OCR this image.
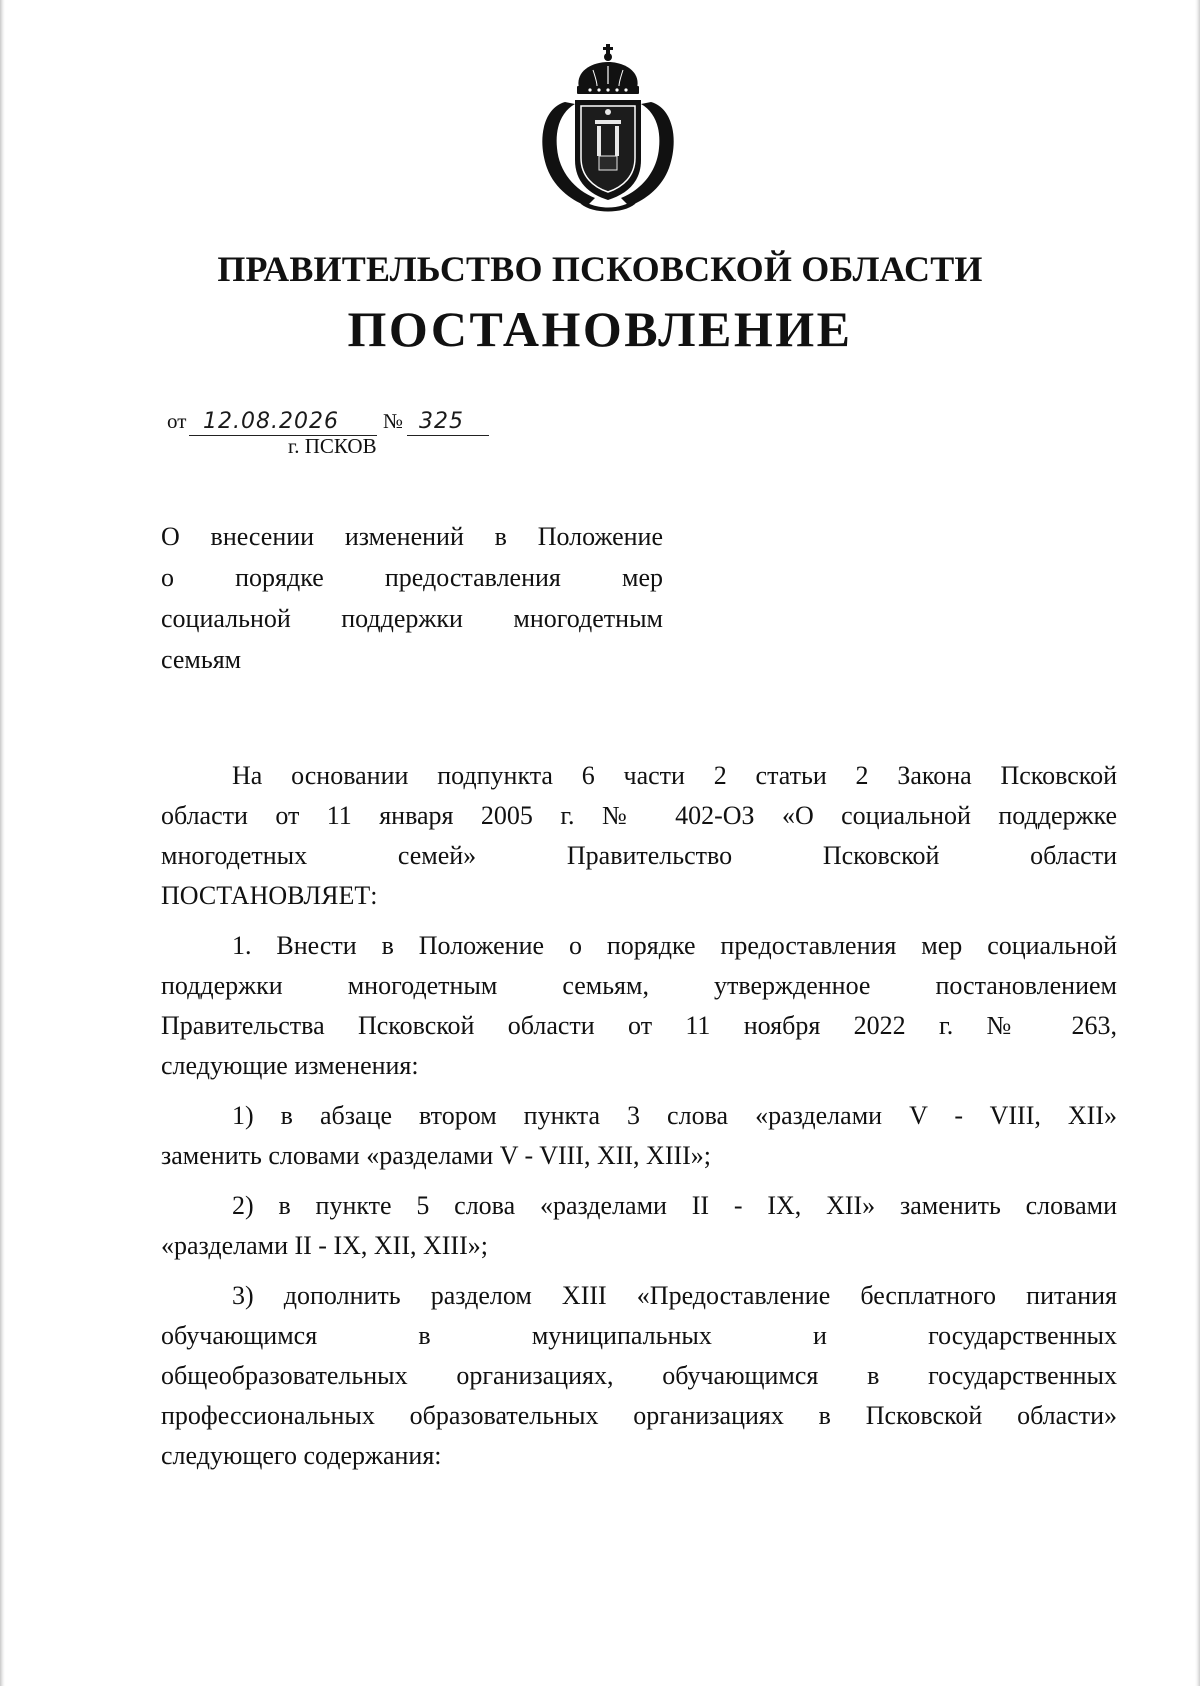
ПРАВИТЕЛЬСТВО ПСКОВСКОЙ ОБЛАСТИ
ПОСТАНОВЛЕНИЕ
от 12.08.2026 № 325
г. ПСКОВ
О внесении изменений в Положение
о порядке предоставления мер
социальной поддержки многодетным
семьям
На основании подпункта 6 части 2 статьи 2 Закона Псковской
области от 11 января 2005 г. № 402-ОЗ «О социальной поддержке
многодетных семей» Правительство Псковской области
ПОСТАНОВЛЯЕТ:
1. Внести в Положение о порядке предоставления мер социальной
поддержки многодетным семьям, утвержденное постановлением
Правительства Псковской области от 11 ноября 2022 г. № 263,
следующие изменения:
1) в абзаце втором пункта 3 слова «разделами V - VIII, XII»
заменить словами «разделами V - VIII, XII, XIII»;
2) в пункте 5 слова «разделами II - IX, XII» заменить словами
«разделами II - IX, XII, XIII»;
3) дополнить разделом XIII «Предоставление бесплатного питания
обучающимся в муниципальных и государственных
общеобразовательных организациях, обучающимся в государственных
профессиональных образовательных организациях в Псковской области»
следующего содержания:
